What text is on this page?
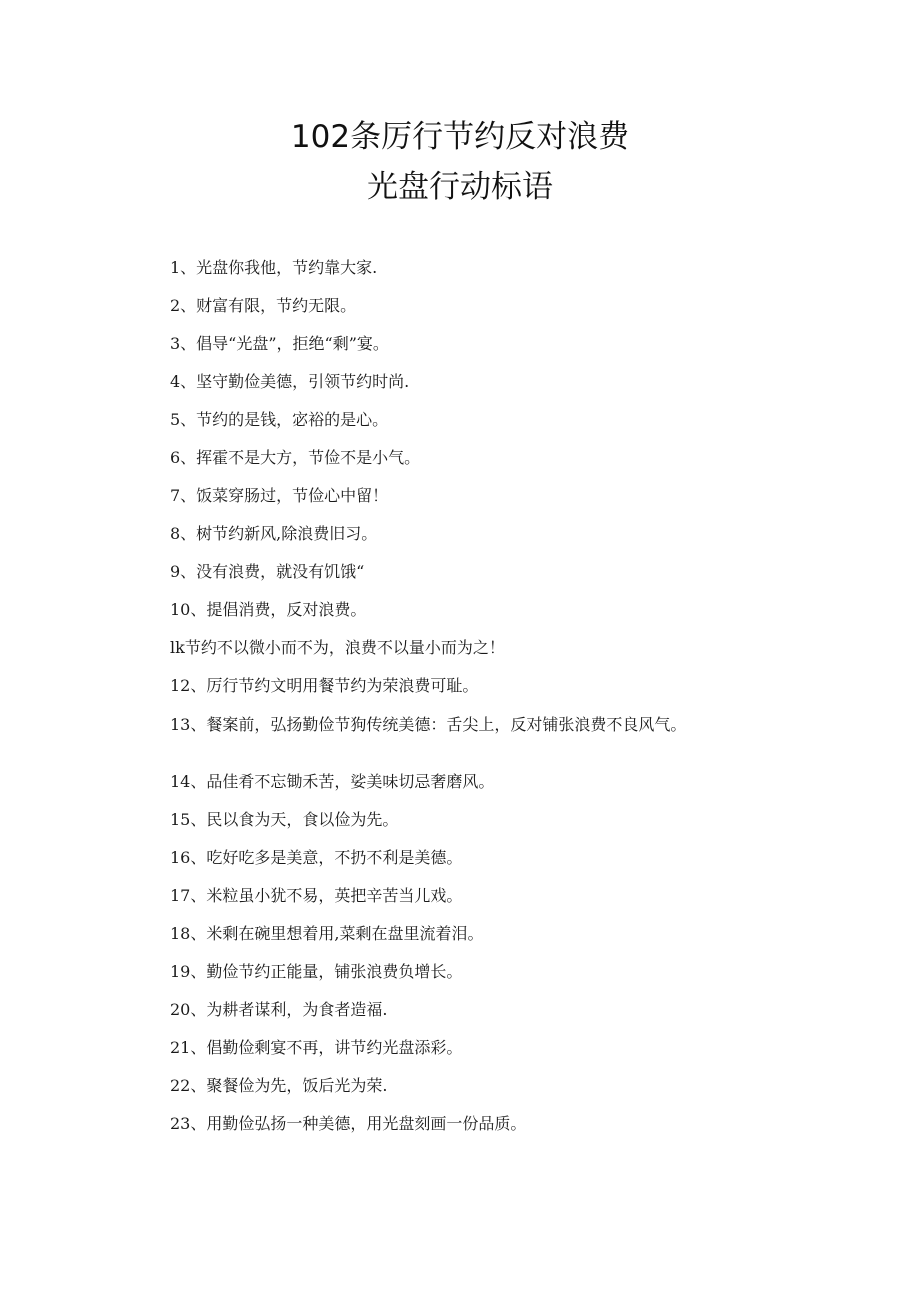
102条厉行节约反对浪费
光盘行动标语
1、光盘你我他，节约靠大家.
2、财富有限，节约无限。
3、倡导“光盘”，拒绝“剩”宴。
4、坚守勤俭美德，引领节约时尚.
5、节约的是钱，宓裕的是心。
6、挥霍不是大方，节俭不是小气。
7、饭菜穿肠过，节俭心中留！
8、树节约新风,除浪费旧习。
9、没有浪费，就没有饥饿“
10、提倡消费，反对浪费。
lk节约不以微小而不为，浪费不以量小而为之！
12、厉行节约文明用餐节约为荣浪费可耻。
13、餐案前，弘扬勤俭节狗传统美德：舌尖上，反对铺张浪费不良风气。
14、品佳肴不忘锄禾苦，娑美味切忌奢磨风。
15、民以食为天，食以俭为先。
16、吃好吃多是美意，不扔不利是美德。
17、米粒虽小犹不易，英把辛苦当儿戏。
18、米剩在碗里想着用,菜剩在盘里流着泪。
19、勤俭节约正能量，铺张浪费负增长。
20、为耕者谋利，为食者造福.
21、倡勤俭剩宴不再，讲节约光盘添彩。
22、聚餐俭为先，饭后光为荣.
23、用勤俭弘扬一种美德，用光盘刻画一份品质。
